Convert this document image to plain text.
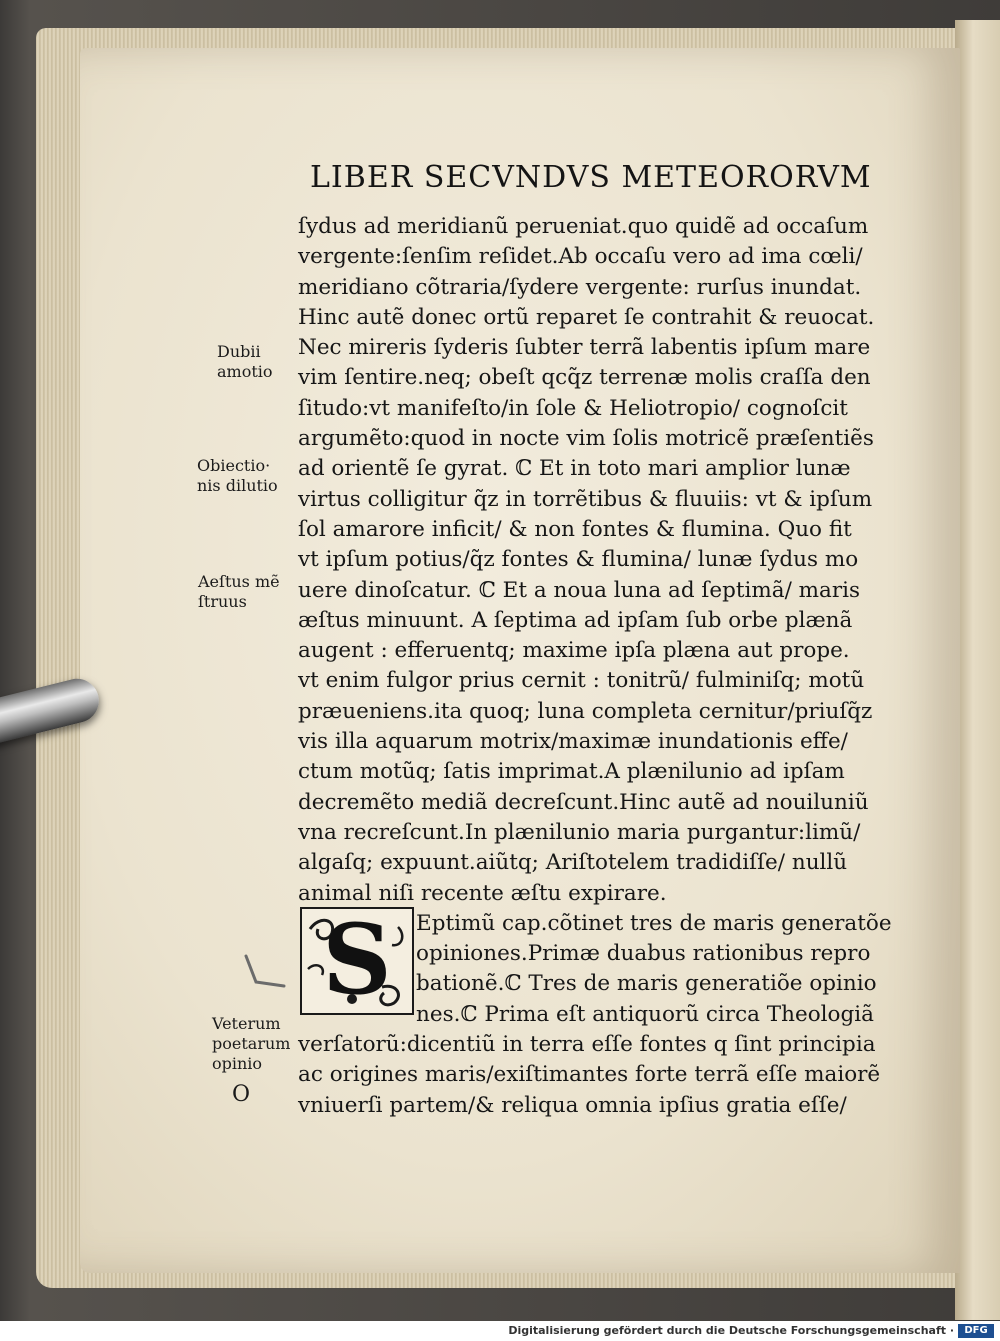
LIBER SECVNDVS METEORORVM
ſydus ad meridianũ perueniat.quo quidẽ ad occaſum
vergente:ſenſim reſidet.Ab occaſu vero ad ima cœli/
meridiano cõtraria/ſydere vergente: rurſus inundat.
Hinc autẽ donec ortũ reparet ſe contrahit & reuocat.
Nec mireris ſyderis ſubter terrã labentis ipſum mare
vim ſentire.neq; obeſt qcq̃z terrenæ molis craſſa den
ſitudo:vt manifeſto/in ſole & Heliotropio/ cognoſcit
argumẽto:quod in nocte vim ſolis motricẽ præſentiẽs
ad orientẽ ſe gyrat. ℂ Et in toto mari amplior lunæ
virtus colligitur q̃z in torrẽtibus & fluuiis: vt & ipſum
ſol amarore inficit/ & non fontes & flumina. Quo fit
vt ipſum potius/q̃z fontes & flumina/ lunæ ſydus mo
uere dinoſcatur. ℂ Et a noua luna ad ſeptimã/ maris
æſtus minuunt. A ſeptima ad ipſam ſub orbe plænã
augent : efferuentq; maxime ipſa plæna aut prope.
vt enim fulgor prius cernit : tonitrũ/ fulminiſq; motũ
præueniens.ita quoq; luna completa cernitur/priuſq̃z
vis illa aquarum motrix/maximæ inundationis effe/
ctum motũq; ſatis imprimat.A plænilunio ad ipſam
decremẽto mediã decreſcunt.Hinc autẽ ad nouiluniũ
vna recreſcunt.In plænilunio maria purgantur:limũ/
algaſq; expuunt.aiũtq; Ariſtotelem tradidiſſe/ nullũ
animal niſi recente æſtu expirare.
Eptimũ cap.cõtinet tres de maris generatõe
opiniones.Primæ duabus rationibus repro
bationẽ.ℂ Tres de maris generatiõe opinio
nes.ℂ Prima eſt antiquorũ circa Theologiã
verſatorũ:dicentiũ in terra eſſe fontes q ſint principia
ac origines maris/exiſtimantes forte terrã eſſe maiorẽ
vniuerſi partem/& reliqua omnia ipſius gratia eſſe/
S
Dubii
amotio
Obiectio·
nis dilutio
Aeſtus mẽ
ſtruus
Veterum
poetarum
opinio
O
Digitalisierung gefördert durch die Deutsche Forschungsgemeinschaft ·	DFG
